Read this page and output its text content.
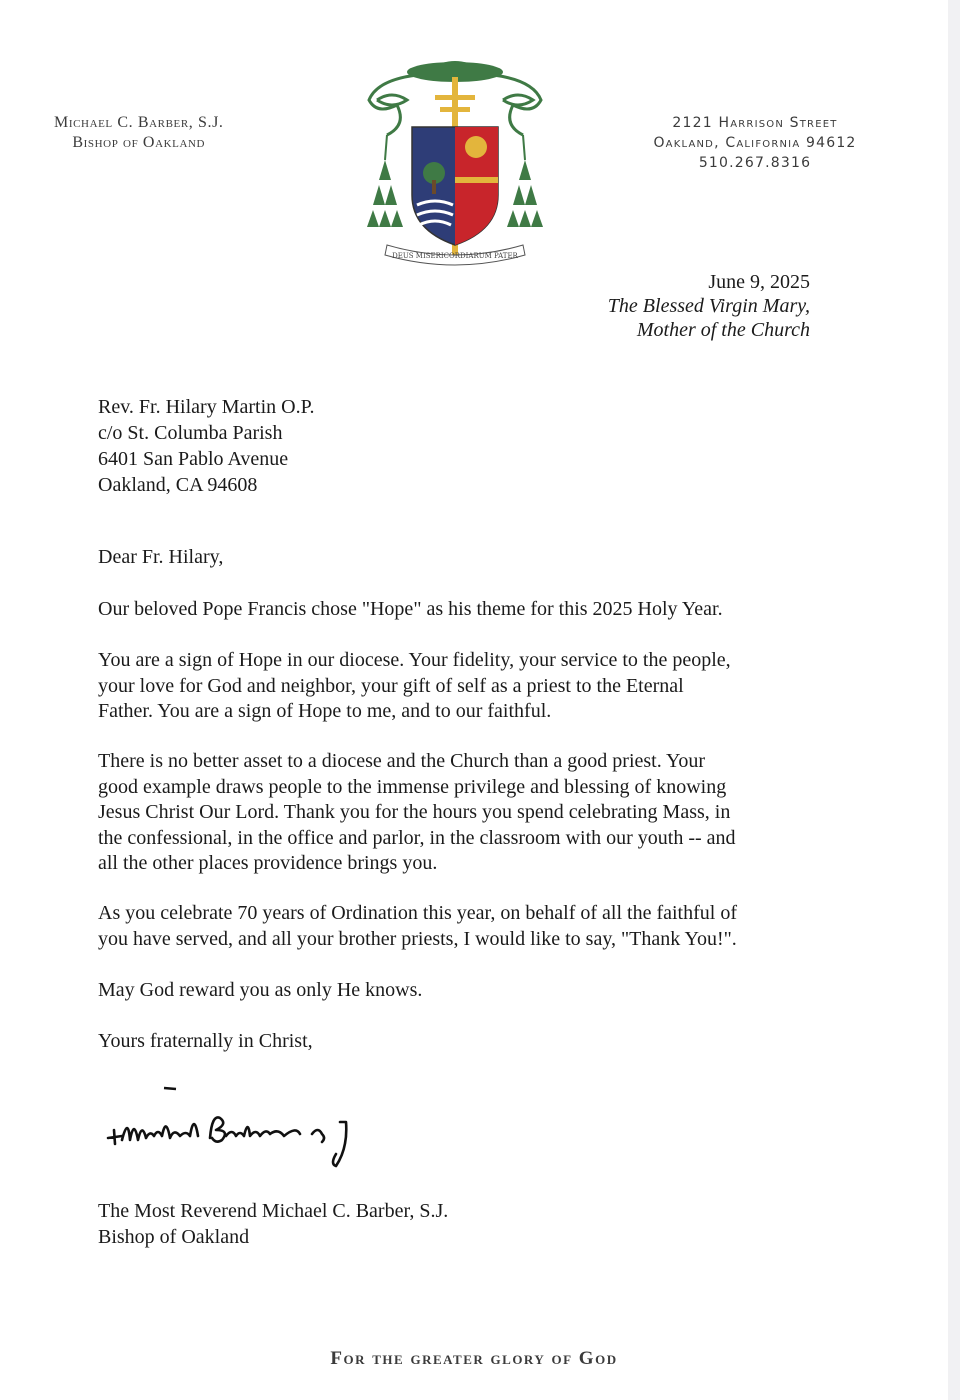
Michael C. Barber, S.J.
Bishop of Oakland
DEUS MISERICORDIARUM PATER
2121 Harrison Street
Oakland, California 94612
510.267.8316
June 9, 2025
The Blessed Virgin Mary,
Mother of the Church
Rev. Fr. Hilary Martin O.P.
c/o St. Columba Parish
6401 San Pablo Avenue
Oakland, CA 94608
Dear Fr. Hilary,
Our beloved Pope Francis chose "Hope" as his theme for this 2025 Holy Year.
You are a sign of Hope in our diocese. Your fidelity, your service to the people,
your love for God and neighbor, your gift of self as a priest to the Eternal
Father. You are a sign of Hope to me, and to our faithful.
There is no better asset to a diocese and the Church than a good priest. Your
good example draws people to the immense privilege and blessing of knowing
Jesus Christ Our Lord. Thank you for the hours you spend celebrating Mass, in
the confessional, in the office and parlor, in the classroom with our youth -- and
all the other places providence brings you.
As you celebrate 70 years of Ordination this year, on behalf of all the faithful of
you have served, and all your brother priests, I would like to say, "Thank You!".
May God reward you as only He knows.
Yours fraternally in Christ,
The Most Reverend Michael C. Barber, S.J.
Bishop of Oakland
For the greater glory of God
